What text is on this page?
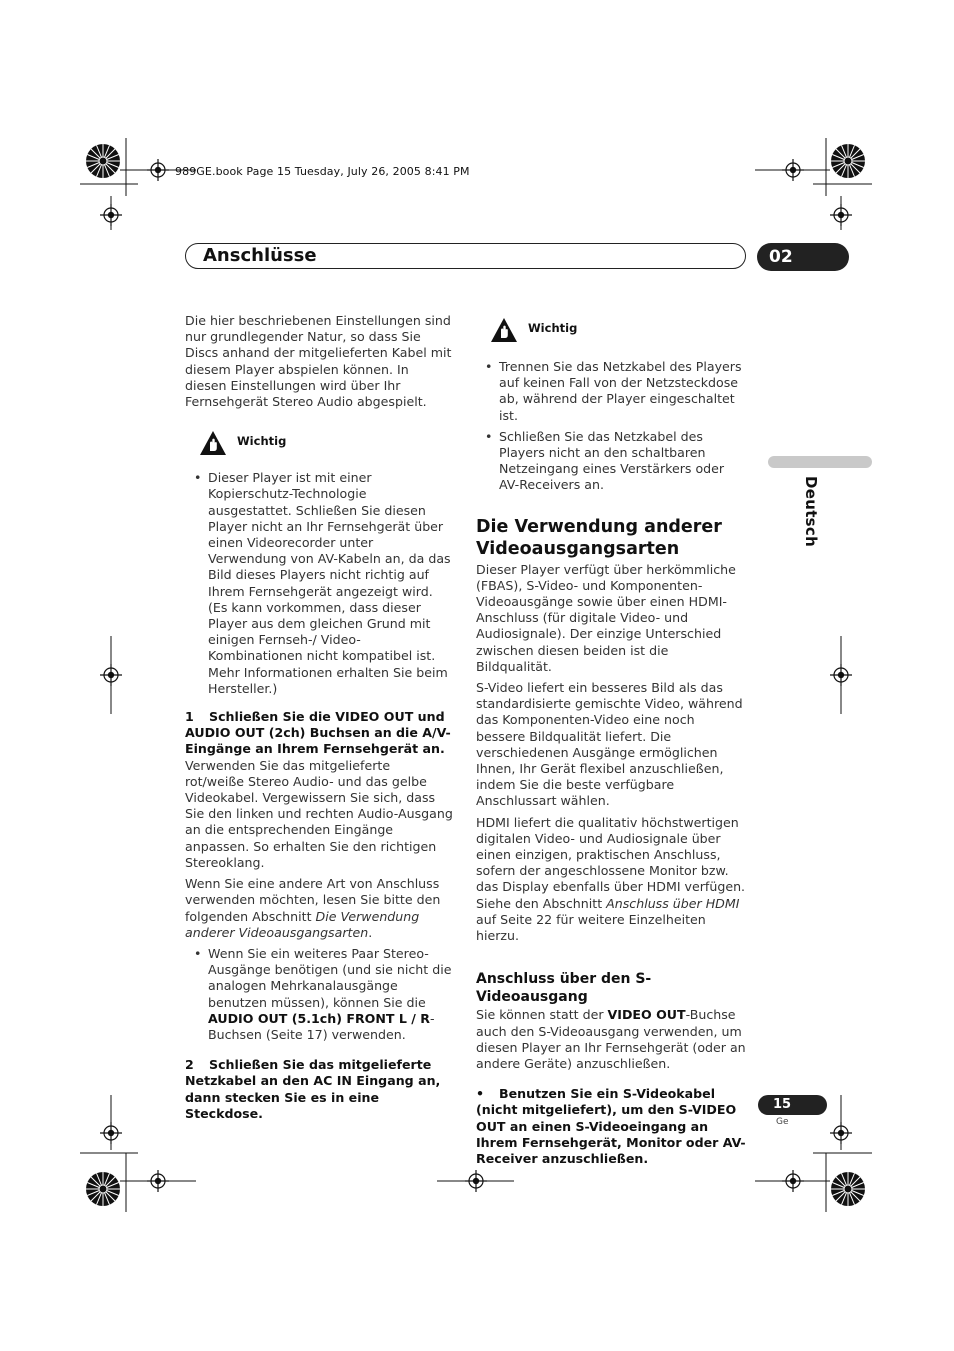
989GE.book Page 15 Tuesday, July 26, 2005 8:41 PM
Anschlüsse	02
Deutsch

Die hier beschriebenen Einstellungen sind nur grundlegender Natur, so dass Sie Discs anhand der mitgelieferten Kabel mit diesem Player abspielen können. In diesen Einstellungen wird über Ihr Fernsehgerät Stereo Audio abgespielt.

Wichtig
• Dieser Player ist mit einer Kopierschutz-Technologie ausgestattet. Schließen Sie diesen Player nicht an Ihr Fernsehgerät über einen Videorecorder unter Verwendung von AV-Kabeln an, da das Bild dieses Players nicht richtig auf Ihrem Fernsehgerät angezeigt wird. (Es kann vorkommen, dass dieser Player aus dem gleichen Grund mit einigen Fernseh-/ Video-Kombinationen nicht kompatibel ist. Mehr Informationen erhalten Sie beim Hersteller.)
1 Schließen Sie die VIDEO OUT und AUDIO OUT (2ch) Buchsen an die A/V-Eingänge an Ihrem Fernsehgerät an.

Verwenden Sie das mitgelieferte rot/weiße Stereo Audio- und das gelbe Videokabel. Vergewissern Sie sich, dass Sie den linken und rechten Audio-Ausgang an die entsprechenden Eingänge anpassen. So erhalten Sie den richtigen Stereoklang.

Wenn Sie eine andere Art von Anschluss verwenden möchten, lesen Sie bitte den folgenden Abschnitt Die Verwendung anderer Videoausgangsarten.

• Wenn Sie ein weiteres Paar Stereo-Ausgänge benötigen (und sie nicht die analogen Mehrkanalausgänge benutzen müssen), können Sie die AUDIO OUT (5.1ch) FRONT L / R-Buchsen (Seite 17) verwenden.
2 Schließen Sie das mitgelieferte Netzkabel an den AC IN Eingang an, dann stecken Sie es in eine Steckdose.
Wichtig
• Trennen Sie das Netzkabel des Players auf keinen Fall von der Netzsteckdose ab, während der Player eingeschaltet ist.
• Schließen Sie das Netzkabel des Players nicht an den schaltbaren Netzeingang eines Verstärkers oder AV-Receivers an.
Die Verwendung anderer Videoausgangsarten

Dieser Player verfügt über herkömmliche (FBAS), S-Video- und Komponenten-Videoausgänge sowie über einen HDMI-Anschluss (für digitale Video- und Audiosignale). Der einzige Unterschied zwischen diesen beiden ist die Bildqualität.

S-Video liefert ein besseres Bild als das standardisierte gemischte Video, während das Komponenten-Video eine noch bessere Bildqualität liefert. Die verschiedenen Ausgänge ermöglichen Ihnen, Ihr Gerät flexibel anzuschließen, indem Sie die beste verfügbare Anschlussart wählen.

HDMI liefert die qualitativ höchstwertigen digitalen Video- und Audiosignale über einen einzigen, praktischen Anschluss, sofern der angeschlossene Monitor bzw. das Display ebenfalls über HDMI verfügen. Siehe den Abschnitt Anschluss über HDMI auf Seite 22 für weitere Einzelheiten hierzu.

Anschluss über den S-Videoausgang

Sie können statt der VIDEO OUT-Buchse auch den S-Videoausgang verwenden, um diesen Player an Ihr Fernsehgerät (oder an andere Geräte) anzuschließen.

• Benutzen Sie ein S-Videokabel (nicht mitgeliefert), um den S-VIDEO OUT an einen S-Videoeingang an Ihrem Fernsehgerät, Monitor oder AV-Receiver anzuschließen.
15
Ge
